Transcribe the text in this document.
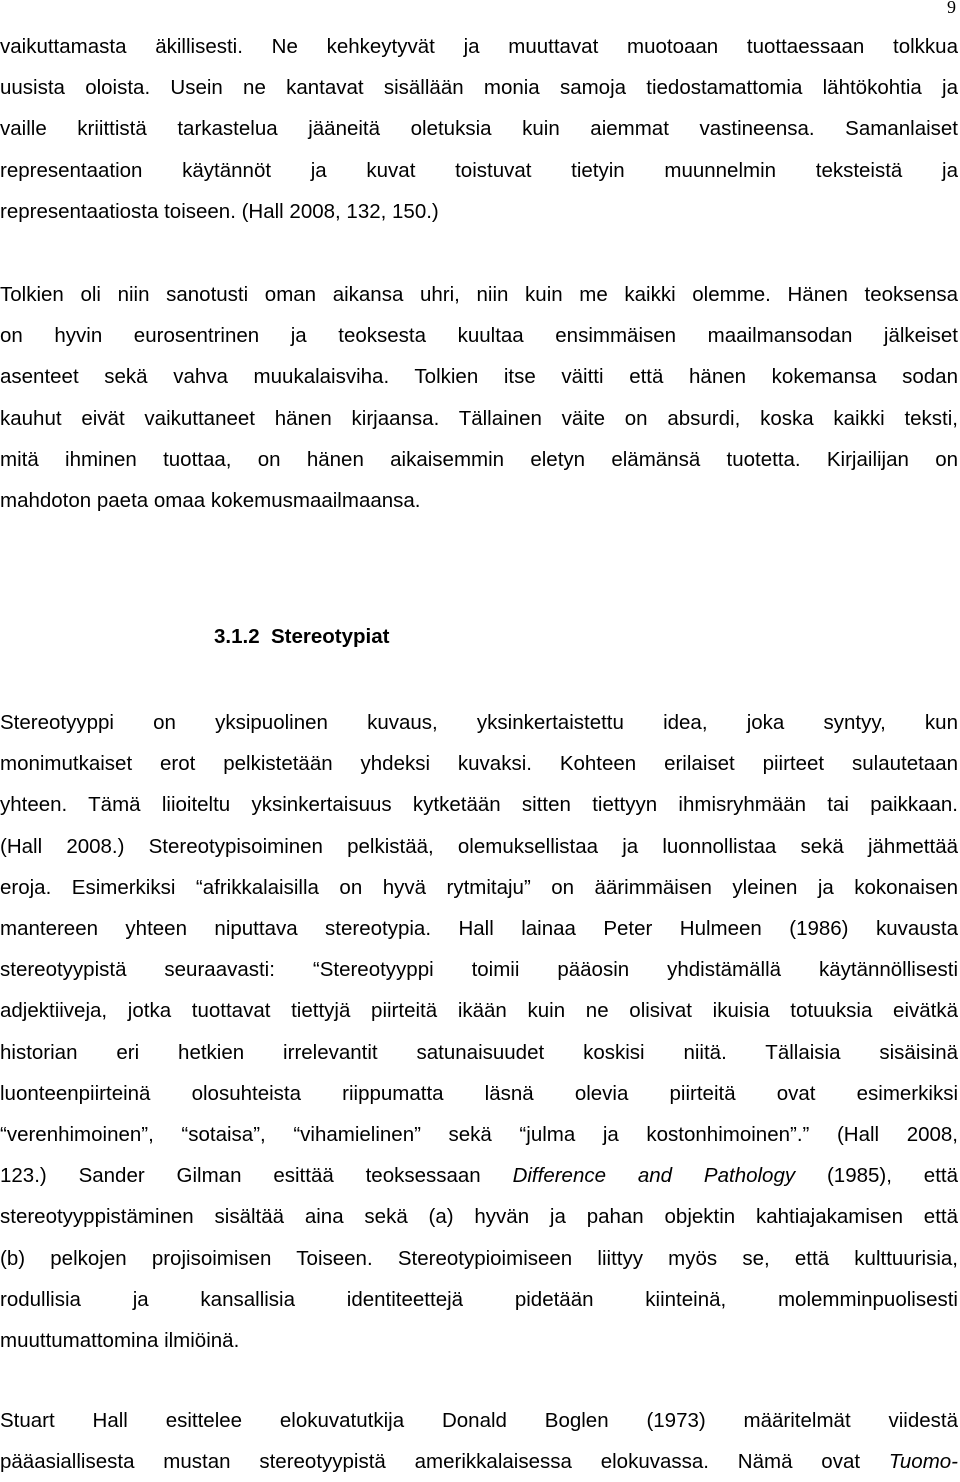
9
vaikuttamasta äkillisesti. Ne kehkeytyvät ja muuttavat muotoaan tuottaessaan tolkkua
uusista oloista. Usein ne kantavat sisällään monia samoja tiedostamattomia lähtökohtia ja
vaille kriittistä tarkastelua jääneitä oletuksia kuin aiemmat vastineensa. Samanlaiset
representaation käytännöt ja kuvat toistuvat tietyin muunnelmin teksteistä ja
representaatiosta toiseen. (Hall 2008, 132, 150.)
Tolkien oli niin sanotusti oman aikansa uhri, niin kuin me kaikki olemme. Hänen teoksensa
on hyvin eurosentrinen ja teoksesta kuultaa ensimmäisen maailmansodan jälkeiset
asenteet sekä vahva muukalaisviha. Tolkien itse väitti että hänen kokemansa sodan
kauhut eivät vaikuttaneet hänen kirjaansa. Tällainen väite on absurdi, koska kaikki teksti,
mitä ihminen tuottaa, on hänen aikaisemmin eletyn elämänsä tuotetta. Kirjailijan on
mahdoton paeta omaa kokemusmaailmaansa.
3.1.2  Stereotypiat
Stereotyyppi on yksipuolinen kuvaus, yksinkertaistettu idea, joka syntyy, kun
monimutkaiset erot pelkistetään yhdeksi kuvaksi. Kohteen erilaiset piirteet sulautetaan
yhteen. Tämä liioiteltu yksinkertaisuus kytketään sitten tiettyyn ihmisryhmään tai paikkaan.
(Hall 2008.) Stereotypisoiminen pelkistää, olemuksellistaa ja luonnollistaa sekä jähmettää
eroja. Esimerkiksi “afrikkalaisilla on hyvä rytmitaju” on äärimmäisen yleinen ja kokonaisen
mantereen yhteen niputtava stereotypia. Hall lainaa Peter Hulmeen (1986) kuvausta
stereotyypistä seuraavasti: “Stereotyyppi toimii pääosin yhdistämällä käytännöllisesti
adjektiiveja, jotka tuottavat tiettyjä piirteitä ikään kuin ne olisivat ikuisia totuuksia eivätkä
historian eri hetkien irrelevantit satunaisuudet koskisi niitä. Tällaisia sisäisinä
luonteenpiirteinä olosuhteista riippumatta läsnä olevia piirteitä ovat esimerkiksi
“verenhimoinen”, “sotaisa”, “vihamielinen” sekä “julma ja kostonhimoinen”.” (Hall 2008,
123.) Sander Gilman esittää teoksessaan Difference and Pathology (1985), että
stereotyyppistäminen sisältää aina sekä (a) hyvän ja pahan objektin kahtiajakamisen että
(b) pelkojen projisoimisen Toiseen. Stereotypioimiseen liittyy myös se, että kulttuurisia,
rodullisia ja kansallisia identiteettejä pidetään kiinteinä, molemminpuolisesti
muuttumattomina ilmiöinä.
Stuart Hall esittelee elokuvatutkija Donald Boglen (1973) määritelmät viidestä
pääasiallisesta mustan stereotyypistä amerikkalaisessa elokuvassa. Nämä ovat Tuomo-
